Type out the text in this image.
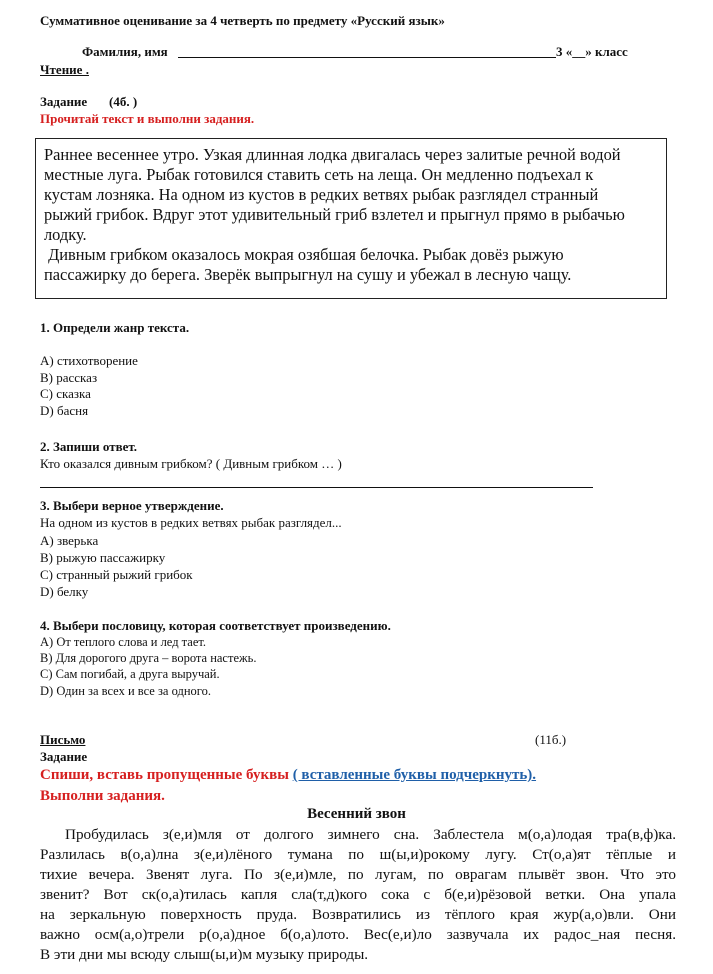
Суммативное оценивание за 4 четверть по предмету «Русский язык»
Фамилия, имя	3 «__» класс
Чтение .
Задание (4б. )
Прочитай текст и выполни задания.
Раннее весеннее утро. Узкая длинная лодка двигалась через залитые речной водой
местные луга. Рыбак готовился ставить сеть на леща. Он медленно подъехал к
кустам лозняка. На одном из кустов в редких ветвях рыбак разглядел странный
рыжий грибок. Вдруг этот удивительный гриб взлетел и прыгнул прямо в рыбачью
лодку.
Дивным грибком оказалось мокрая озябшая белочка. Рыбак довёз рыжую
пассажирку до берега. Зверёк выпрыгнул на сушу и убежал в лесную чащу.
1. Определи жанр текста.
A) стихотворение
B) рассказ
C) сказка
D) басня
2. Запиши ответ.
Кто оказался дивным грибком? ( Дивным грибком … )
3. Выбери верное утверждение.
На одном из кустов в редких ветвях рыбак разглядел...
A) зверька
B) рыжую пассажирку
C) странный рыжий грибок
D) белку
4. Выбери пословицу, которая соответствует произведению.
A) От теплого слова и лед тает.
B) Для дорогого друга – ворота настежь.
C) Сам погибай, а друга выручай.
D) Один за всех и все за одного.
Письмо	(11б.)
Задание
Спиши, вставь пропущенные буквы ( вставленные буквы подчеркнуть).
Выполни задания.
Весенний звон
Пробудилась з(е,и)мля от долгого зимнего сна. Заблестела м(о,а)лодая тра(в,ф)ка.
Разлилась в(о,а)лна з(е,и)лёного тумана по ш(ы,и)рокому лугу. Ст(о,а)ят тёплые и
тихие вечера. Звенят луга. По з(е,и)мле, по лугам, по оврагам плывёт звон. Что это
звенит? Вот ск(о,а)тилась капля сла(т,д)кого сока с б(е,и)рёзовой ветки. Она упала
на зеркальную поверхность пруда. Возвратились из тёплого края жур(а,о)вли. Они
важно осм(а,о)трели р(о,а)дное б(о,а)лото. Вес(е,и)ло зазвучала их радос_ная песня.
В эти дни мы всюду слыш(ы,и)м музыку природы.
